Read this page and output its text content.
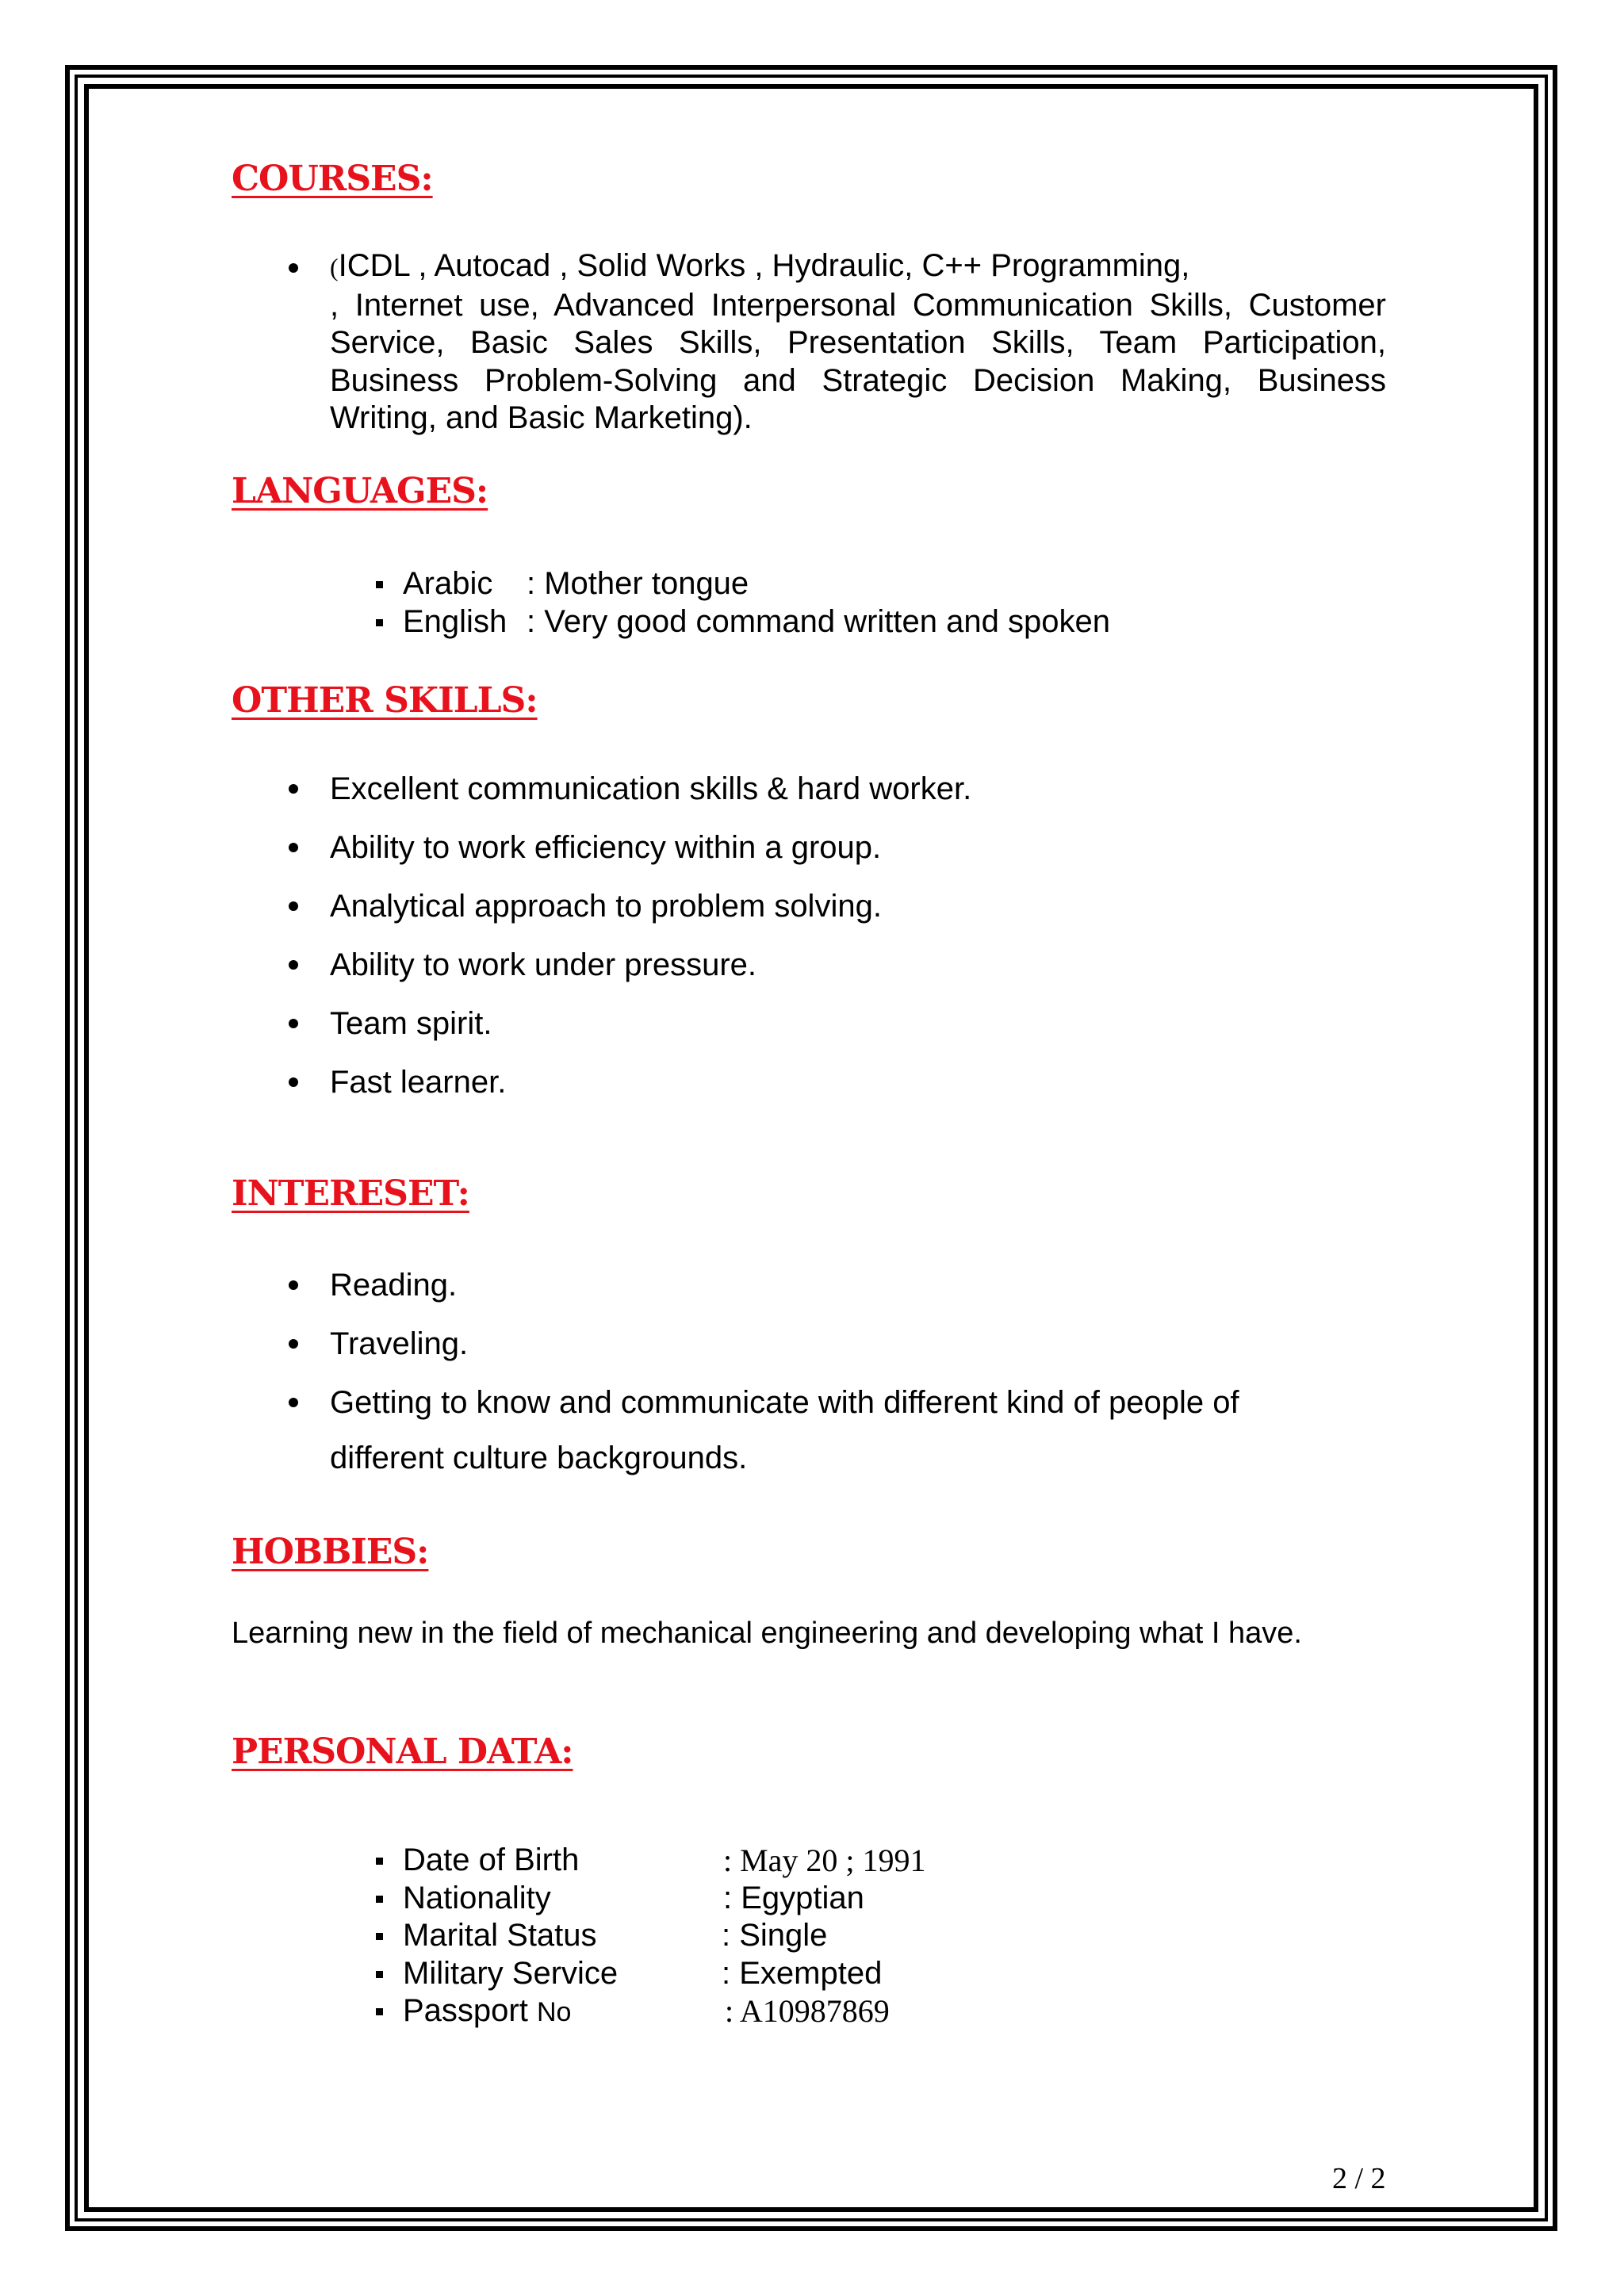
COURSES:
(ICDL , Autocad , Solid Works , Hydraulic, C++ Programming,
, Internet use, Advanced Interpersonal Communication Skills, Customer Service, Basic Sales Skills, Presentation Skills, Team Participation, Business Problem-Solving and Strategic Decision Making, Business Writing, and Basic Marketing).
LANGUAGES:
Arabic : Mother tongue
English : Very good command written and spoken
OTHER SKILLS:
Excellent communication skills & hard worker.
Ability to work efficiency within a group.
Analytical approach to problem solving.
Ability to work under pressure.
Team spirit.
Fast learner.
INTERESET:
Reading.
Traveling.
Getting to know and communicate with different kind of people of
different culture backgrounds.
HOBBIES:
Learning new in the field of mechanical engineering and developing what I have.
PERSONAL DATA:
Date of Birth	: May 20 ; 1991
Nationality	: Egyptian
Marital Status	: Single
Military Service	: Exempted
Passport No	: A10987869
2 / 2
